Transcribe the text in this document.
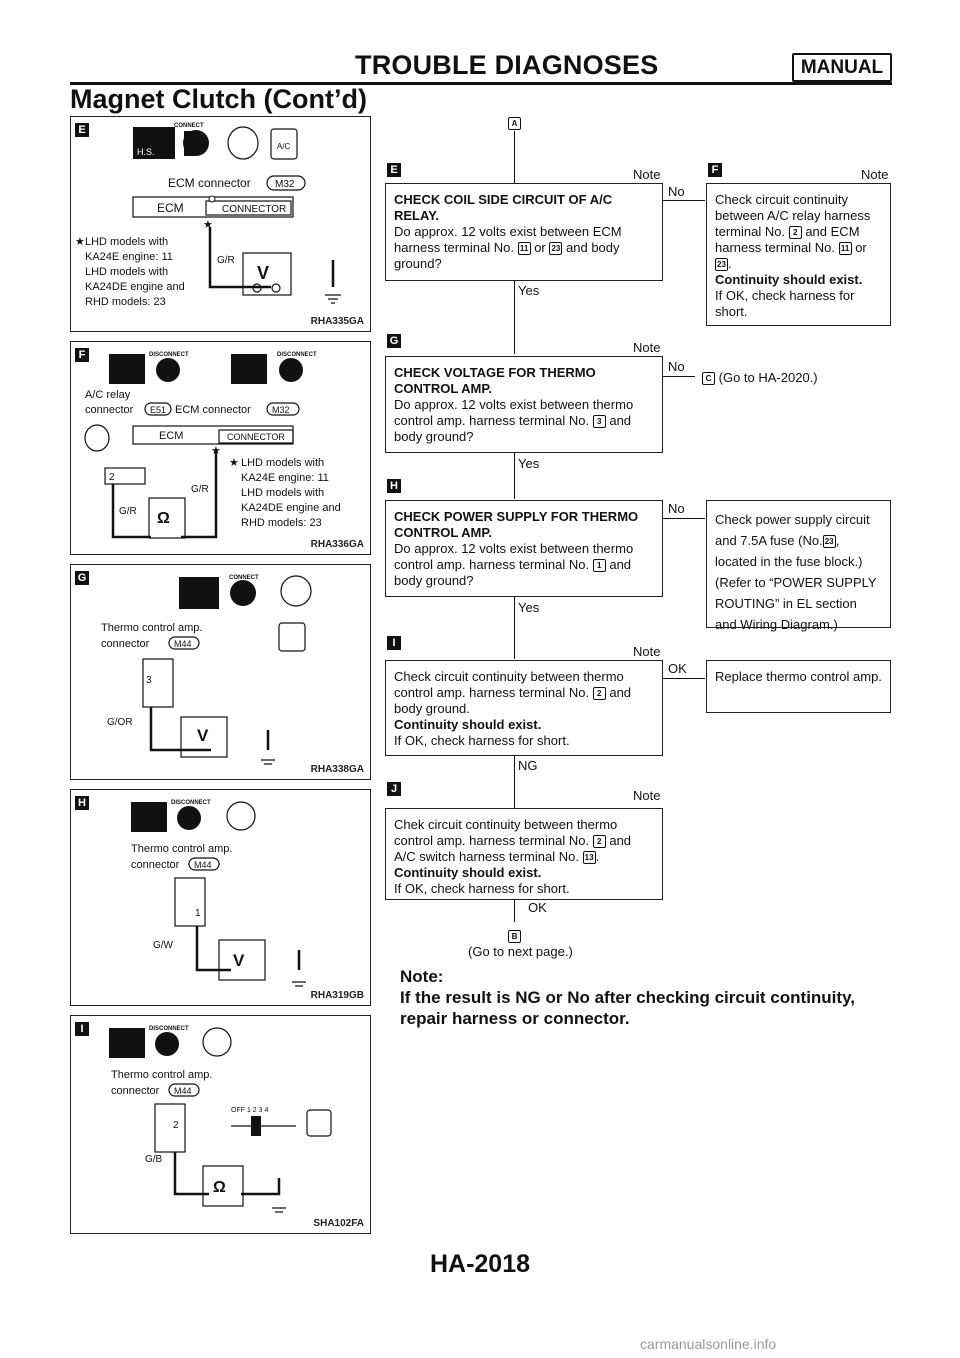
TROUBLE DIAGNOSES	MANUAL
Magnet Clutch (Cont’d)
E
H.S.
A/C
CONNECT
ECM connector M32
ECM	CONNECTOR
★
G/R
V
★ LHD models with
KA24E engine: 11
LHD models with
KA24DE engine and
RHD models: 23
RHA335GA
F	DISCONNECT	DISCONNECT
A/C relay
connector E51 ECM connector M32
ECM	CONNECTOR
2
★
G/R
G/R
Ω
★ LHD models with
KA24E engine: 11
LHD models with
KA24DE engine and
RHD models: 23
RHA336GA
G	CONNECT
Thermo control amp.
connector	M44
3
G/OR
V
RHA338GA
H	DISCONNECT
Thermo control amp.
connector M44
1
G/W
V
RHA319GB
I	DISCONNECT
Thermo control amp.
connector M44
2
OFF 1 2 3 4
G/B
Ω
SHA102FA
A
E	Note
CHECK COIL SIDE CIRCUIT OF A/C RELAY.
Do approx. 12 volts exist between ECM harness terminal No. 11 or 23 and body ground?
Yes
No
F	Note
Check circuit continuity between A/C relay harness terminal No. 2 and ECM harness terminal No. 11 or 23 .
Continuity should exist.
If OK, check harness for short.
G	Note
CHECK VOLTAGE FOR THERMO CONTROL AMP.
Do approx. 12 volts exist between thermo control amp. harness terminal No. 3 and body ground?
Yes
No
C (Go to HA-2020.)
H
CHECK POWER SUPPLY FOR THERMO CONTROL AMP.
Do approx. 12 volts exist between thermo control amp. harness terminal No. 1 and body ground?
Yes
No
Check power supply circuit and 7.5A fuse (No. 23 , located in the fuse block.) (Refer to “POWER SUPPLY ROUTING” in EL section and Wiring Diagram.)
I
Note
Check circuit continuity between thermo control amp. harness terminal No. 2 and body ground.
Continuity should exist.
If OK, check harness for short.
NG
OK
Replace thermo control amp.
J	Note
Chek circuit continuity between thermo control amp. harness terminal No. 2 and A/C switch harness terminal No. 13 .
Continuity should exist.
If OK, check harness for short.
OK
B
(Go to next page.)
Note:
If the result is NG or No after checking circuit continuity, repair harness or connector.
HA-2018
carmanualsonline.info
